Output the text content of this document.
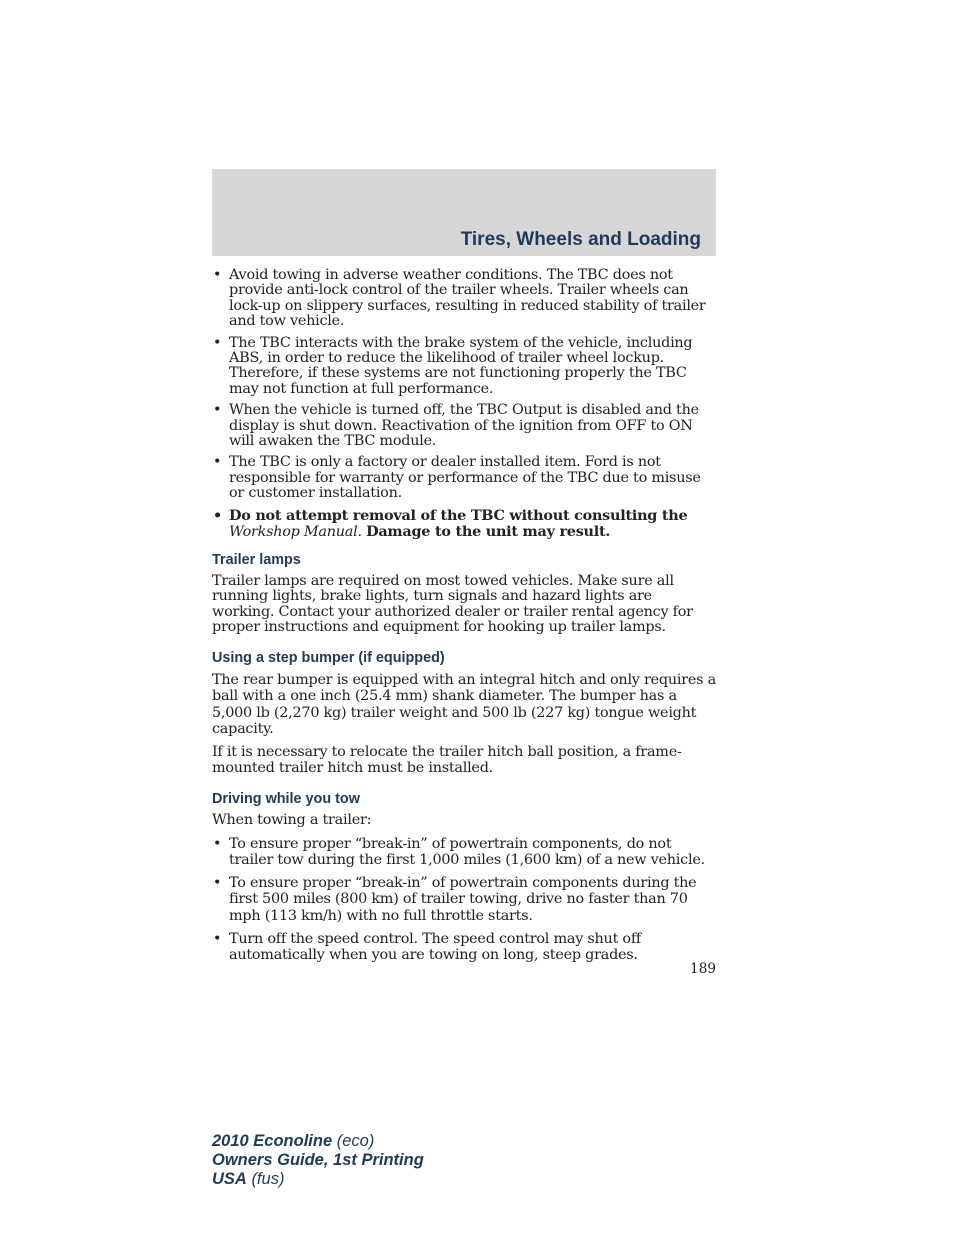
Tires, Wheels and Loading
• Avoid towing in adverse weather conditions. The TBC does not provide anti-lock control of the trailer wheels. Trailer wheels can lock-up on slippery surfaces, resulting in reduced stability of trailer and tow vehicle.
• The TBC interacts with the brake system of the vehicle, including ABS, in order to reduce the likelihood of trailer wheel lockup. Therefore, if these systems are not functioning properly the TBC may not function at full performance.
• When the vehicle is turned off, the TBC Output is disabled and the display is shut down. Reactivation of the ignition from OFF to ON will awaken the TBC module.
• The TBC is only a factory or dealer installed item. Ford is not responsible for warranty or performance of the TBC due to misuse or customer installation.
• Do not attempt removal of the TBC without consulting the Workshop Manual. Damage to the unit may result.
Trailer lamps

Trailer lamps are required on most towed vehicles. Make sure all running lights, brake lights, turn signals and hazard lights are working. Contact your authorized dealer or trailer rental agency for proper instructions and equipment for hooking up trailer lamps.

Using a step bumper (if equipped)

The rear bumper is equipped with an integral hitch and only requires a ball with a one inch (25.4 mm) shank diameter. The bumper has a 5,000 lb (2,270 kg) trailer weight and 500 lb (227 kg) tongue weight capacity.

If it is necessary to relocate the trailer hitch ball position, a frame-mounted trailer hitch must be installed.

Driving while you tow

When towing a trailer:

• To ensure proper “break-in” of powertrain components, do not trailer tow during the first 1,000 miles (1,600 km) of a new vehicle.
• To ensure proper “break-in” of powertrain components during the first 500 miles (800 km) of trailer towing, drive no faster than 70 mph (113 km/h) with no full throttle starts.
• Turn off the speed control. The speed control may shut off automatically when you are towing on long, steep grades.
189
2010 Econoline (eco)
Owners Guide, 1st Printing
USA (fus)
